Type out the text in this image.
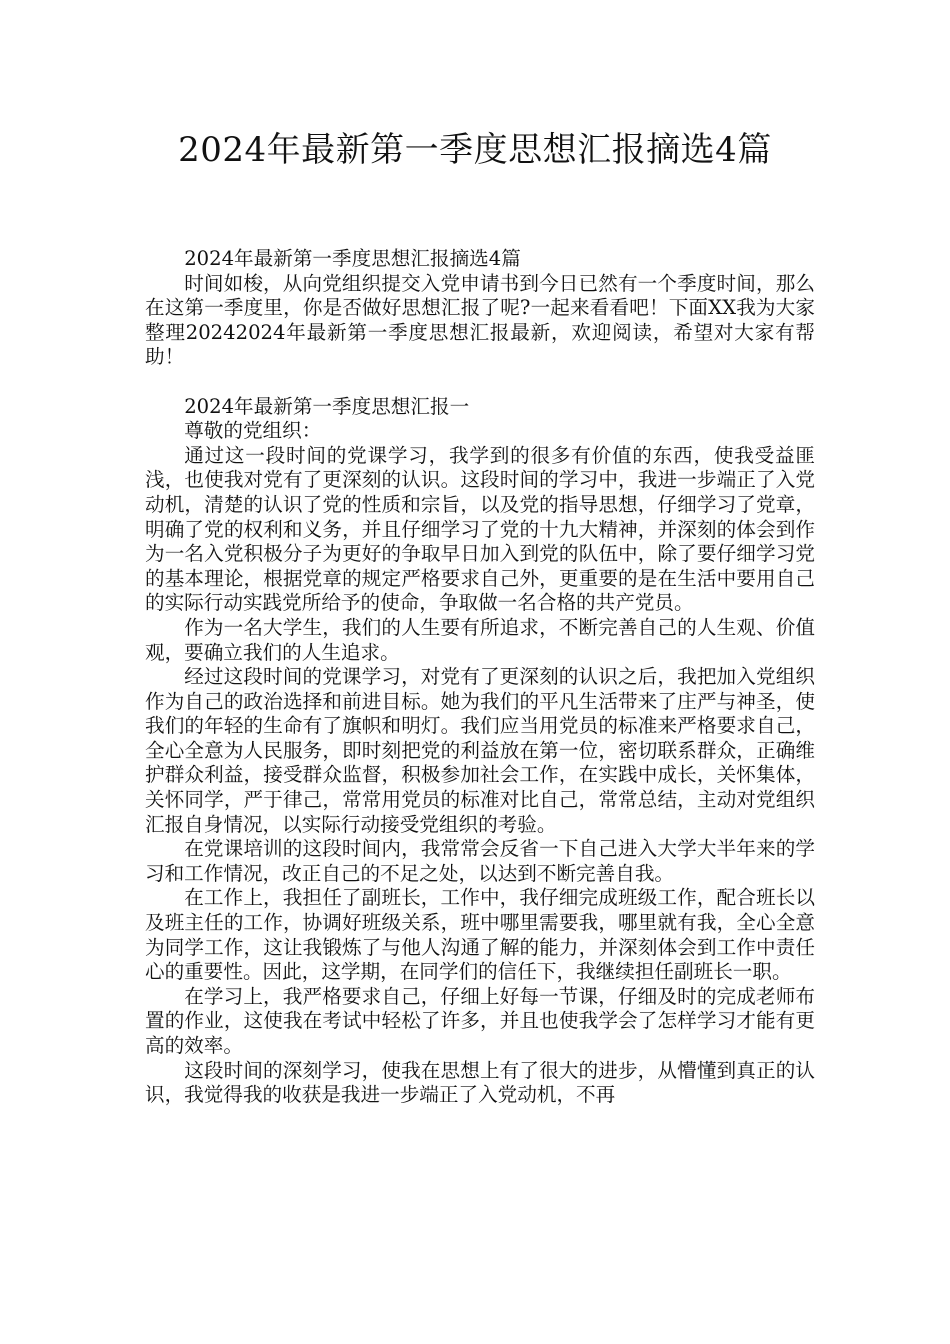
2024年最新第一季度思想汇报摘选4篇

2024年最新第一季度思想汇报摘选4篇

时间如梭，从向党组织提交入党申请书到今日已然有一个季度时间，那么在这第一季度里，你是否做好思想汇报了呢?一起来看看吧！下面XX我为大家整理20242024年最新第一季度思想汇报最新，欢迎阅读，希望对大家有帮助！

2024年最新第一季度思想汇报一

尊敬的党组织：

通过这一段时间的党课学习，我学到的很多有价值的东西，使我受益匪浅，也使我对党有了更深刻的认识。这段时间的学习中，我进一步端正了入党动机，清楚的认识了党的性质和宗旨，以及党的指导思想，仔细学习了党章，明确了党的权利和义务，并且仔细学习了党的十九大精神，并深刻的体会到作为一名入党积极分子为更好的争取早日加入到党的队伍中，除了要仔细学习党的基本理论，根据党章的规定严格要求自己外，更重要的是在生活中要用自己的实际行动实践党所给予的使命，争取做一名合格的共产党员。

作为一名大学生，我们的人生要有所追求，不断完善自己的人生观、价值观，要确立我们的人生追求。

经过这段时间的党课学习，对党有了更深刻的认识之后，我把加入党组织作为自己的政治选择和前进目标。她为我们的平凡生活带来了庄严与神圣，使我们的年轻的生命有了旗帜和明灯。我们应当用党员的标准来严格要求自己，全心全意为人民服务，即时刻把党的利益放在第一位，密切联系群众，正确维护群众利益，接受群众监督，积极参加社会工作，在实践中成长，关怀集体，关怀同学，严于律己，常常用党员的标准对比自己，常常总结，主动对党组织汇报自身情况，以实际行动接受党组织的考验。

在党课培训的这段时间内，我常常会反省一下自己进入大学大半年来的学习和工作情况，改正自己的不足之处，以达到不断完善自我。

在工作上，我担任了副班长，工作中，我仔细完成班级工作，配合班长以及班主任的工作，协调好班级关系，班中哪里需要我，哪里就有我，全心全意为同学工作，这让我锻炼了与他人沟通了解的能力，并深刻体会到工作中责任心的重要性。因此，这学期，在同学们的信任下，我继续担任副班长一职。

在学习上，我严格要求自己，仔细上好每一节课，仔细及时的完成老师布置的作业，这使我在考试中轻松了许多，并且也使我学会了怎样学习才能有更高的效率。

这段时间的深刻学习，使我在思想上有了很大的进步，从懵懂到真正的认识，我觉得我的收获是我进一步端正了入党动机，不再
